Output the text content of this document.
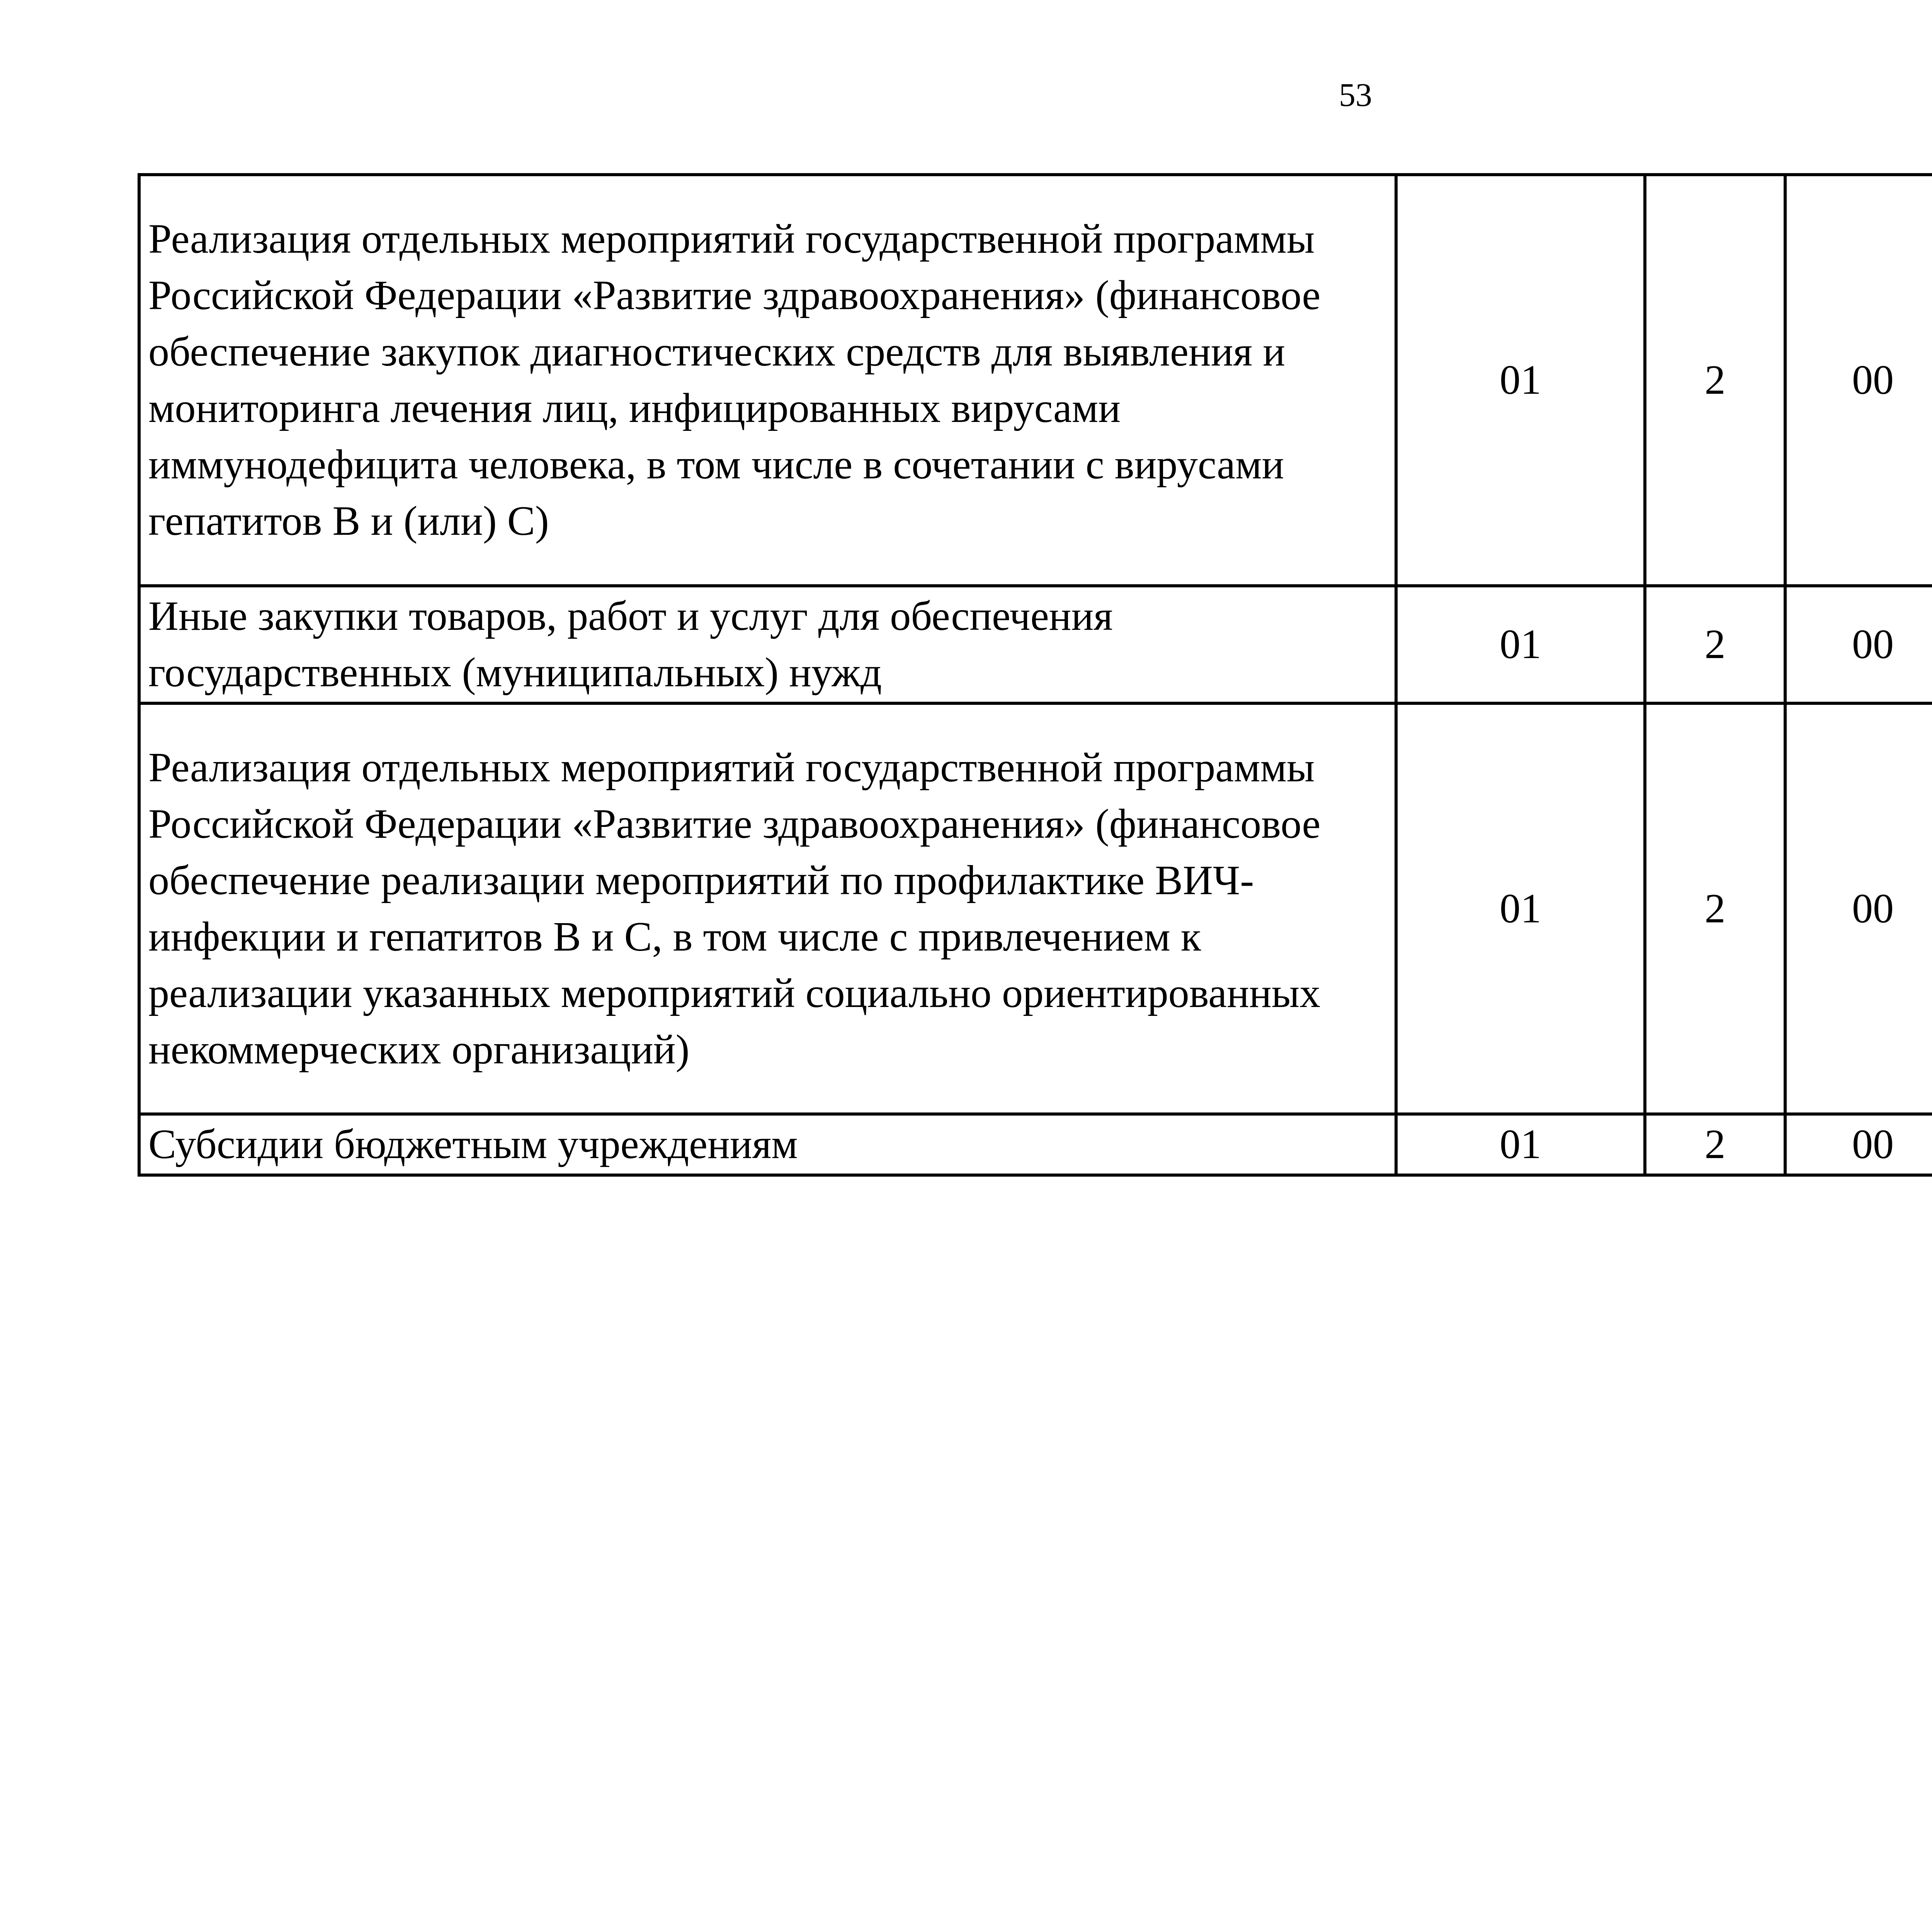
53
Реализация отдельных мероприятий государственной программы Российской Федерации «Развитие здравоохранения» (финансовое обеспечение закупок диагностических средств для выявления и мониторинга лечения лиц, инфицированных вирусами иммунодефицита человека, в том числе в сочетании с вирусами гепатитов B и (или) C)	01	2	00			
Иные закупки товаров, работ и услуг для обеспечения государственных (муниципальных) нужд	01	2	00			
Реализация отдельных мероприятий государственной программы Российской Федерации «Развитие здравоохранения» (финансовое обеспечение реализации мероприятий по профилактике ВИЧ-инфекции и гепатитов B и C, в том числе с привлечением к реализации указанных мероприятий социально ориентированных некоммерческих организаций)	01	2	00			
Субсидии бюджетным учреждениям	01	2	00			
